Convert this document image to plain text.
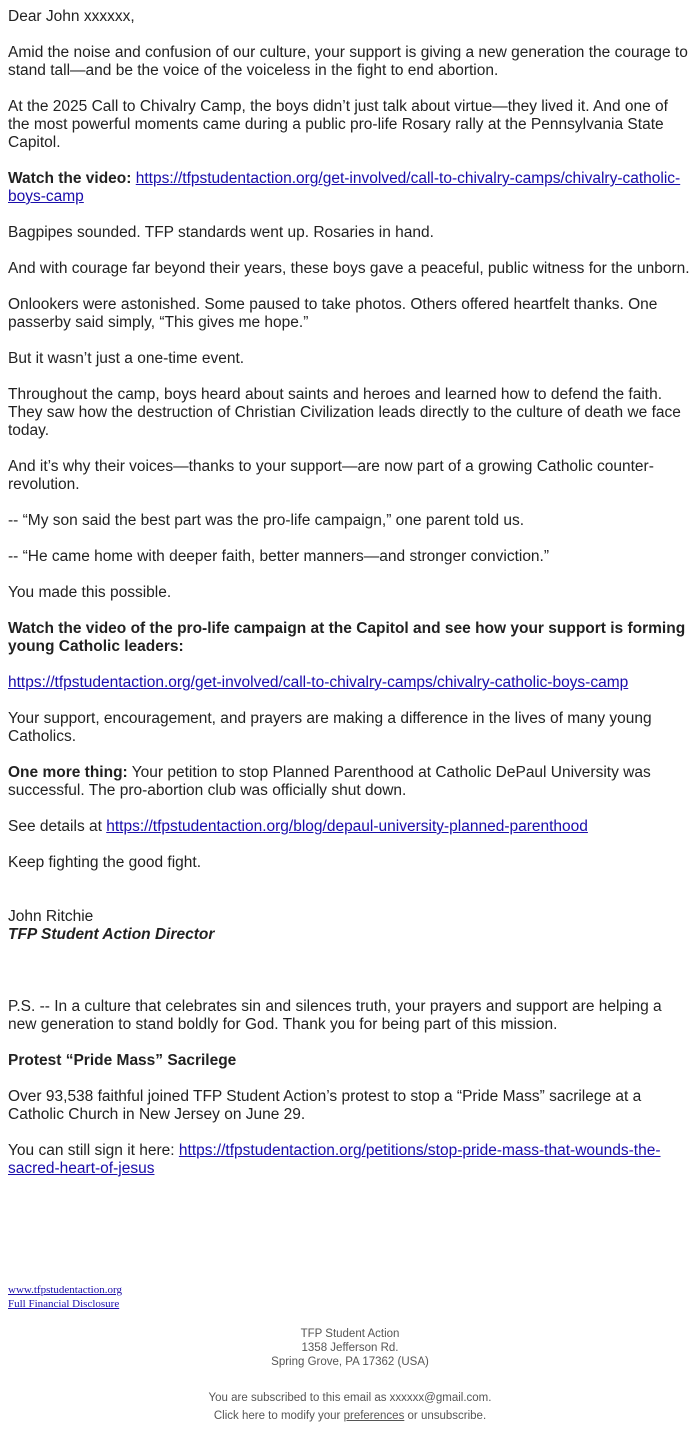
Dear John xxxxxx,

Amid the noise and confusion of our culture, your support is giving a new generation the courage to stand tall—and be the voice of the voiceless in the fight to end abortion.

At the 2025 Call to Chivalry Camp, the boys didn’t just talk about virtue—they lived it. And one of the most powerful moments came during a public pro-life Rosary rally at the Pennsylvania State Capitol.

Watch the video: https://tfpstudentaction.org/get-involved/call-to-chivalry-camps/chivalry-catholic-boys-camp

Bagpipes sounded. TFP standards went up. Rosaries in hand.

And with courage far beyond their years, these boys gave a peaceful, public witness for the unborn.

Onlookers were astonished. Some paused to take photos. Others offered heartfelt thanks. One passerby said simply, “This gives me hope.”

But it wasn’t just a one-time event.

Throughout the camp, boys heard about saints and heroes and learned how to defend the faith. They saw how the destruction of Christian Civilization leads directly to the culture of death we face today.

And it’s why their voices—thanks to your support—are now part of a growing Catholic counter-revolution.

-- “My son said the best part was the pro-life campaign,” one parent told us.

-- “He came home with deeper faith, better manners—and stronger conviction.”

You made this possible.

Watch the video of the pro-life campaign at the Capitol and see how your support is forming young Catholic leaders:

https://tfpstudentaction.org/get-involved/call-to-chivalry-camps/chivalry-catholic-boys-camp

Your support, encouragement, and prayers are making a difference in the lives of many young Catholics.

One more thing: Your petition to stop Planned Parenthood at Catholic DePaul University was successful. The pro-abortion club was officially shut down.

See details at https://tfpstudentaction.org/blog/depaul-university-planned-parenthood

Keep fighting the good fight.

John Ritchie
TFP Student Action Director

P.S. -- In a culture that celebrates sin and silences truth, your prayers and support are helping a new generation to stand boldly for God. Thank you for being part of this mission.

Protest “Pride Mass” Sacrilege

Over 93,538 faithful joined TFP Student Action’s protest to stop a “Pride Mass” sacrilege at a Catholic Church in New Jersey on June 29.

You can still sign it here: https://tfpstudentaction.org/petitions/stop-pride-mass-that-wounds-the-sacred-heart-of-jesus

www.tfpstudentaction.org
Full Financial Disclosure
TFP Student Action
1358 Jefferson Rd.
Spring Grove, PA 17362 (USA)
You are subscribed to this email as xxxxxx@gmail.com.
Click here to modify your preferences or unsubscribe.
